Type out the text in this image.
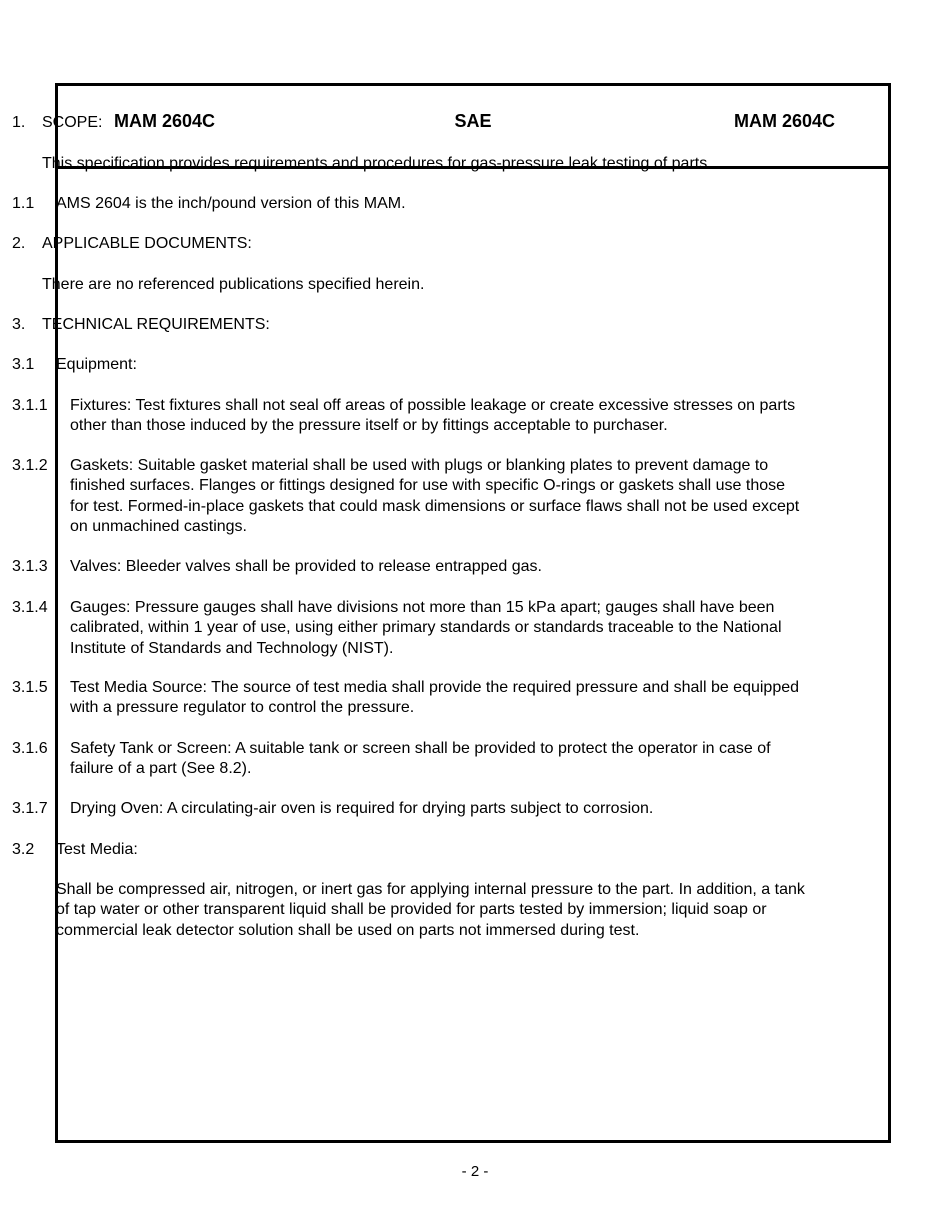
MAM 2604C	SAE	MAM 2604C
1. SCOPE:
This specification provides requirements and procedures for gas-pressure leak testing of parts.
1.1 AMS 2604 is the inch/pound version of this MAM.
2. APPLICABLE DOCUMENTS:
There are no referenced publications specified herein.
3. TECHNICAL REQUIREMENTS:
3.1 Equipment:
3.1.1 Fixtures: Test fixtures shall not seal off areas of possible leakage or create excessive stresses on parts other than those induced by the pressure itself or by fittings acceptable to purchaser.
3.1.2 Gaskets: Suitable gasket material shall be used with plugs or blanking plates to prevent damage to finished surfaces. Flanges or fittings designed for use with specific O-rings or gaskets shall use those for test. Formed-in-place gaskets that could mask dimensions or surface flaws shall not be used except on unmachined castings.
3.1.3 Valves: Bleeder valves shall be provided to release entrapped gas.
3.1.4 Gauges: Pressure gauges shall have divisions not more than 15 kPa apart; gauges shall have been calibrated, within 1 year of use, using either primary standards or standards traceable to the National Institute of Standards and Technology (NIST).
3.1.5 Test Media Source: The source of test media shall provide the required pressure and shall be equipped with a pressure regulator to control the pressure.
3.1.6 Safety Tank or Screen: A suitable tank or screen shall be provided to protect the operator in case of failure of a part (See 8.2).
3.1.7 Drying Oven: A circulating-air oven is required for drying parts subject to corrosion.
3.2 Test Media:
Shall be compressed air, nitrogen, or inert gas for applying internal pressure to the part. In addition, a tank of tap water or other transparent liquid shall be provided for parts tested by immersion; liquid soap or commercial leak detector solution shall be used on parts not immersed during test.
- 2 -
